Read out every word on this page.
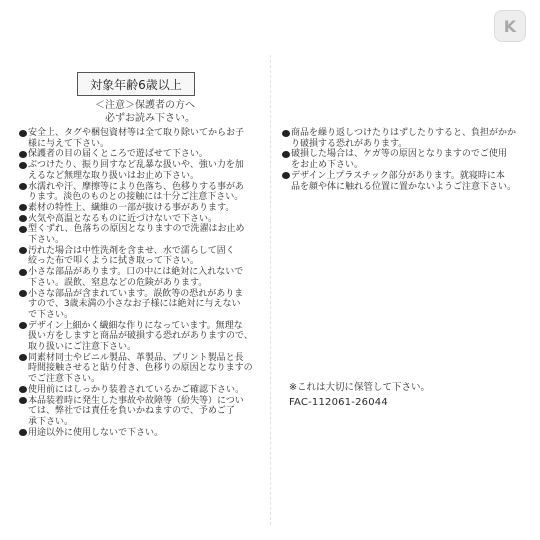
K
対象年齢6歳以上
＜注意＞保護者の方へ
必ずお読み下さい。
安全上、タグや梱包資材等は全て取り除いてからお子
様に与えて下さい。
保護者の目の届くところで遊ばせて下さい。
ぶつけたり、振り回すなど乱暴な扱いや、強い力を加
えるなど無理な取り扱いはお止め下さい。
水濡れや汗、摩擦等により色落ち、色移りする事があ
ります。淡色のものとの接触には十分ご注意下さい。
素材の特性上、繊維の一部が抜ける事があります。
火気や高温となるものに近づけないで下さい。
型くずれ、色落ちの原因となりますので洗濯はお止め
下さい。
汚れた場合は中性洗剤を含ませ、水で濡らして固く
絞った布で叩くように拭き取って下さい。
小さな部品があります。口の中には絶対に入れないで
下さい。誤飲、窒息などの危険があります。
小さな部品が含まれています。誤飲等の恐れがありま
すので、3歳未満の小さなお子様には絶対に与えない
で下さい。
デザイン上細かく繊細な作りになっています。無理な
扱い方をしますと商品が破損する恐れがありますので、
取り扱いにご注意下さい。
同素材同士やビニル製品、革製品、プリント製品と長
時間接触させると貼り付き、色移りの原因となりますの
でご注意下さい。
使用前にはしっかり装着されているかご確認下さい。
本品装着時に発生した事故や故障等（紛失等）につい
ては、弊社では責任を負いかねますので、予めご了
承下さい。
用途以外に使用しないで下さい。
商品を繰り返しつけたりはずしたりすると、負担がかか
り破損する恐れがあります。
破損した場合は、ケガ等の原因となりますのでご使用
をお止め下さい。
デザイン上プラスチック部分があります。就寝時に本
品を顔や体に触れる位置に置かないようご注意下さい。
※これは大切に保管して下さい。
FAC-112061-26044
